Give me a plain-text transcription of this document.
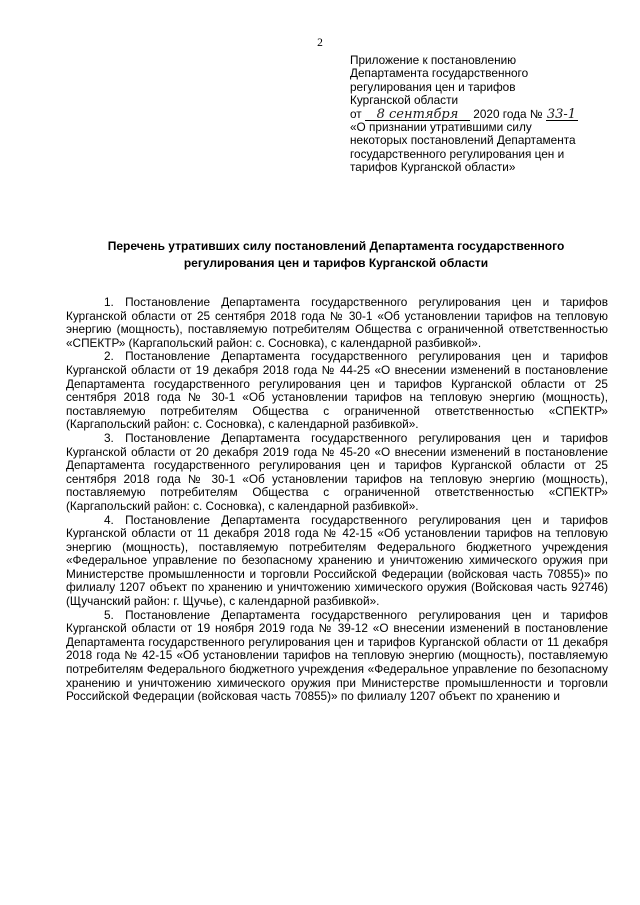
2
Приложение к постановлению
Департамента государственного
регулирования цен и тарифов
Курганской области
от 8 сентября 2020 года № 33-1
«О признании утратившими силу
некоторых постановлений Департамента
государственного регулирования цен и
тарифов Курганской области»
Перечень утративших силу постановлений Департамента государственного регулирования цен и тарифов Курганской области

1. Постановление Департамента государственного регулирования цен и тарифов Курганской области от 25 сентября 2018 года № 30-1 «Об установлении тарифов на тепловую энергию (мощность), поставляемую потребителям Общества с ограниченной ответственностью «СПЕКТР» (Каргапольский район: с. Сосновка), с календарной разбивкой».

2. Постановление Департамента государственного регулирования цен и тарифов Курганской области от 19 декабря 2018 года № 44-25 «О внесении изменений в постановление Департамента государственного регулирования цен и тарифов Курганской области от 25 сентября 2018 года № 30-1 «Об установлении тарифов на тепловую энергию (мощность), поставляемую потребителям Общества с ограниченной ответственностью «СПЕКТР» (Каргапольский район: с. Сосновка), с календарной разбивкой».

3. Постановление Департамента государственного регулирования цен и тарифов Курганской области от 20 декабря 2019 года № 45-20 «О внесении изменений в постановление Департамента государственного регулирования цен и тарифов Курганской области от 25 сентября 2018 года № 30-1 «Об установлении тарифов на тепловую энергию (мощность), поставляемую потребителям Общества с ограниченной ответственностью «СПЕКТР» (Каргапольский район: с. Сосновка), с календарной разбивкой».

4. Постановление Департамента государственного регулирования цен и тарифов Курганской области от 11 декабря 2018 года № 42-15 «Об установлении тарифов на тепловую энергию (мощность), поставляемую потребителям Федерального бюджетного учреждения «Федеральное управление по безопасному хранению и уничтожению химического оружия при Министерстве промышленности и торговли Российской Федерации (войсковая часть 70855)» по филиалу 1207 объект по хранению и уничтожению химического оружия (Войсковая часть 92746) (Щучанский район: г. Щучье), с календарной разбивкой».

5. Постановление Департамента государственного регулирования цен и тарифов Курганской области от 19 ноября 2019 года № 39-12 «О внесении изменений в постановление Департамента государственного регулирования цен и тарифов Курганской области от 11 декабря 2018 года № 42-15 «Об установлении тарифов на тепловую энергию (мощность), поставляемую потребителям Федерального бюджетного учреждения «Федеральное управление по безопасному хранению и уничтожению химического оружия при Министерстве промышленности и торговли Российской Федерации (войсковая часть 70855)» по филиалу 1207 объект по хранению и
